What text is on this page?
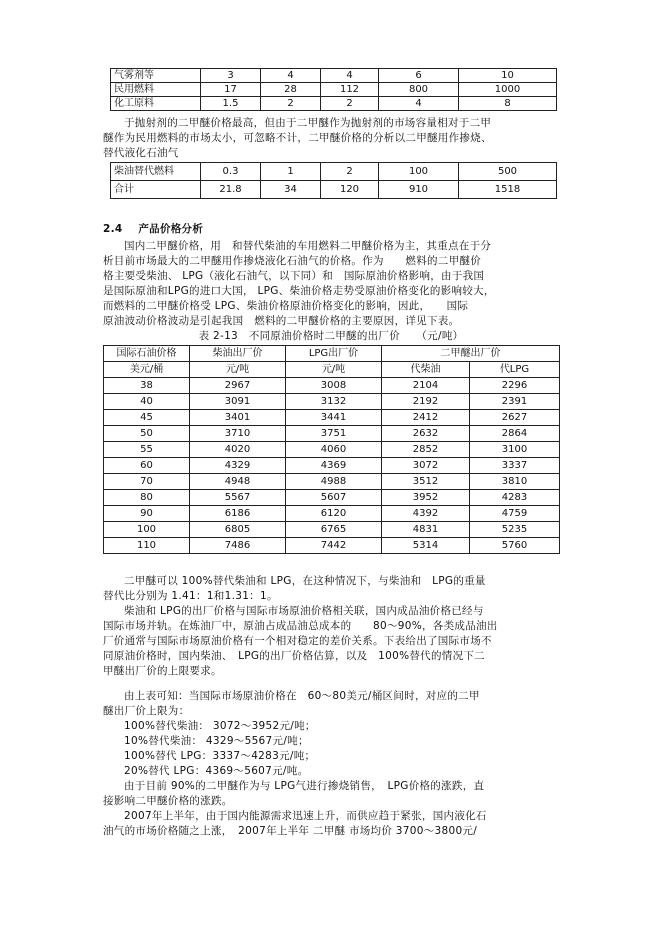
气雾剂等	3	4	4	6	10
民用燃料	17	28	112	800	1000
化工原料	1.5	2	2	4	8
于抛射剂的二甲醚价格最高，但由于二甲醚作为抛射剂的市场容量相对于二甲
醚作为民用燃料的市场太小，可忽略不计，二甲醚价格的分析以二甲醚用作掺烧、
替代液化石油气
柴油替代燃料	0.3	1	2	100	500
合计	21.8	34	120	910	1518
2.4 产品价格分析
国内二甲醚价格，用　和替代柴油的车用燃料二甲醚价格为主，其重点在于分
析目前市场最大的二甲醚用作掺烧液化石油气的价格。作为　　燃料的二甲醚价
格主要受柴油、 LPG（液化石油气，以下同）和　国际原油价格影响，由于我国
是国际原油和LPG的进口大国， LPG、柴油价格走势受原油价格变化的影响较大，
而燃料的二甲醚价格受 LPG、柴油价格原油价格变化的影响，因此，　　国际
原油波动价格波动是引起我国　燃料的二甲醚价格的主要原因，详见下表。
表 2-13　不同原油价格时二甲醚的出厂价　　（元/吨）
国际石油价格	柴油出厂价	LPG出厂价	二甲醚出厂价	
美元/桶	元/吨	元/吨	代柴油	代LPG
38	2967	3008	2104	2296
40	3091	3132	2192	2391
45	3401	3441	2412	2627
50	3710	3751	2632	2864
55	4020	4060	2852	3100
60	4329	4369	3072	3337
70	4948	4988	3512	3810
80	5567	5607	3952	4283
90	6186	6120	4392	4759
100	6805	6765	4831	5235
110	7486	7442	5314	5760
二甲醚可以 100%替代柴油和 LPG，在这种情况下，与柴油和　LPG的重量
替代比分别为 1.41：1和1.31：1。
柴油和 LPG的出厂价格与国际市场原油价格相关联，国内成品油价格已经与
国际市场并轨。在炼油厂中，原油占成品油总成本的　　80～90%，各类成品油出
厂价通常与国际市场原油价格有一个相对稳定的差价关系。下表给出了国际市场不
同原油价格时，国内柴油、　LPG的出厂价格估算，以及　100%替代的情况下二
甲醚出厂价的上限要求。
由上表可知：当国际市场原油价格在　60～80美元/桶区间时，对应的二甲
醚出厂价上限为：
100%替代柴油： 3072～3952元/吨；
10%替代柴油： 4329～5567元/吨；
100%替代 LPG：3337～4283元/吨；
20%替代 LPG：4369～5607元/吨。
由于目前 90%的二甲醚作为与 LPG气进行掺烧销售，　LPG价格的涨跌，直
接影响二甲醚价格的涨跌。
2007年上半年，由于国内能源需求迅速上升，而供应趋于紧张，国内液化石
油气的市场价格随之上涨，　2007年上半年 二甲醚 市场均价 3700～3800元/
